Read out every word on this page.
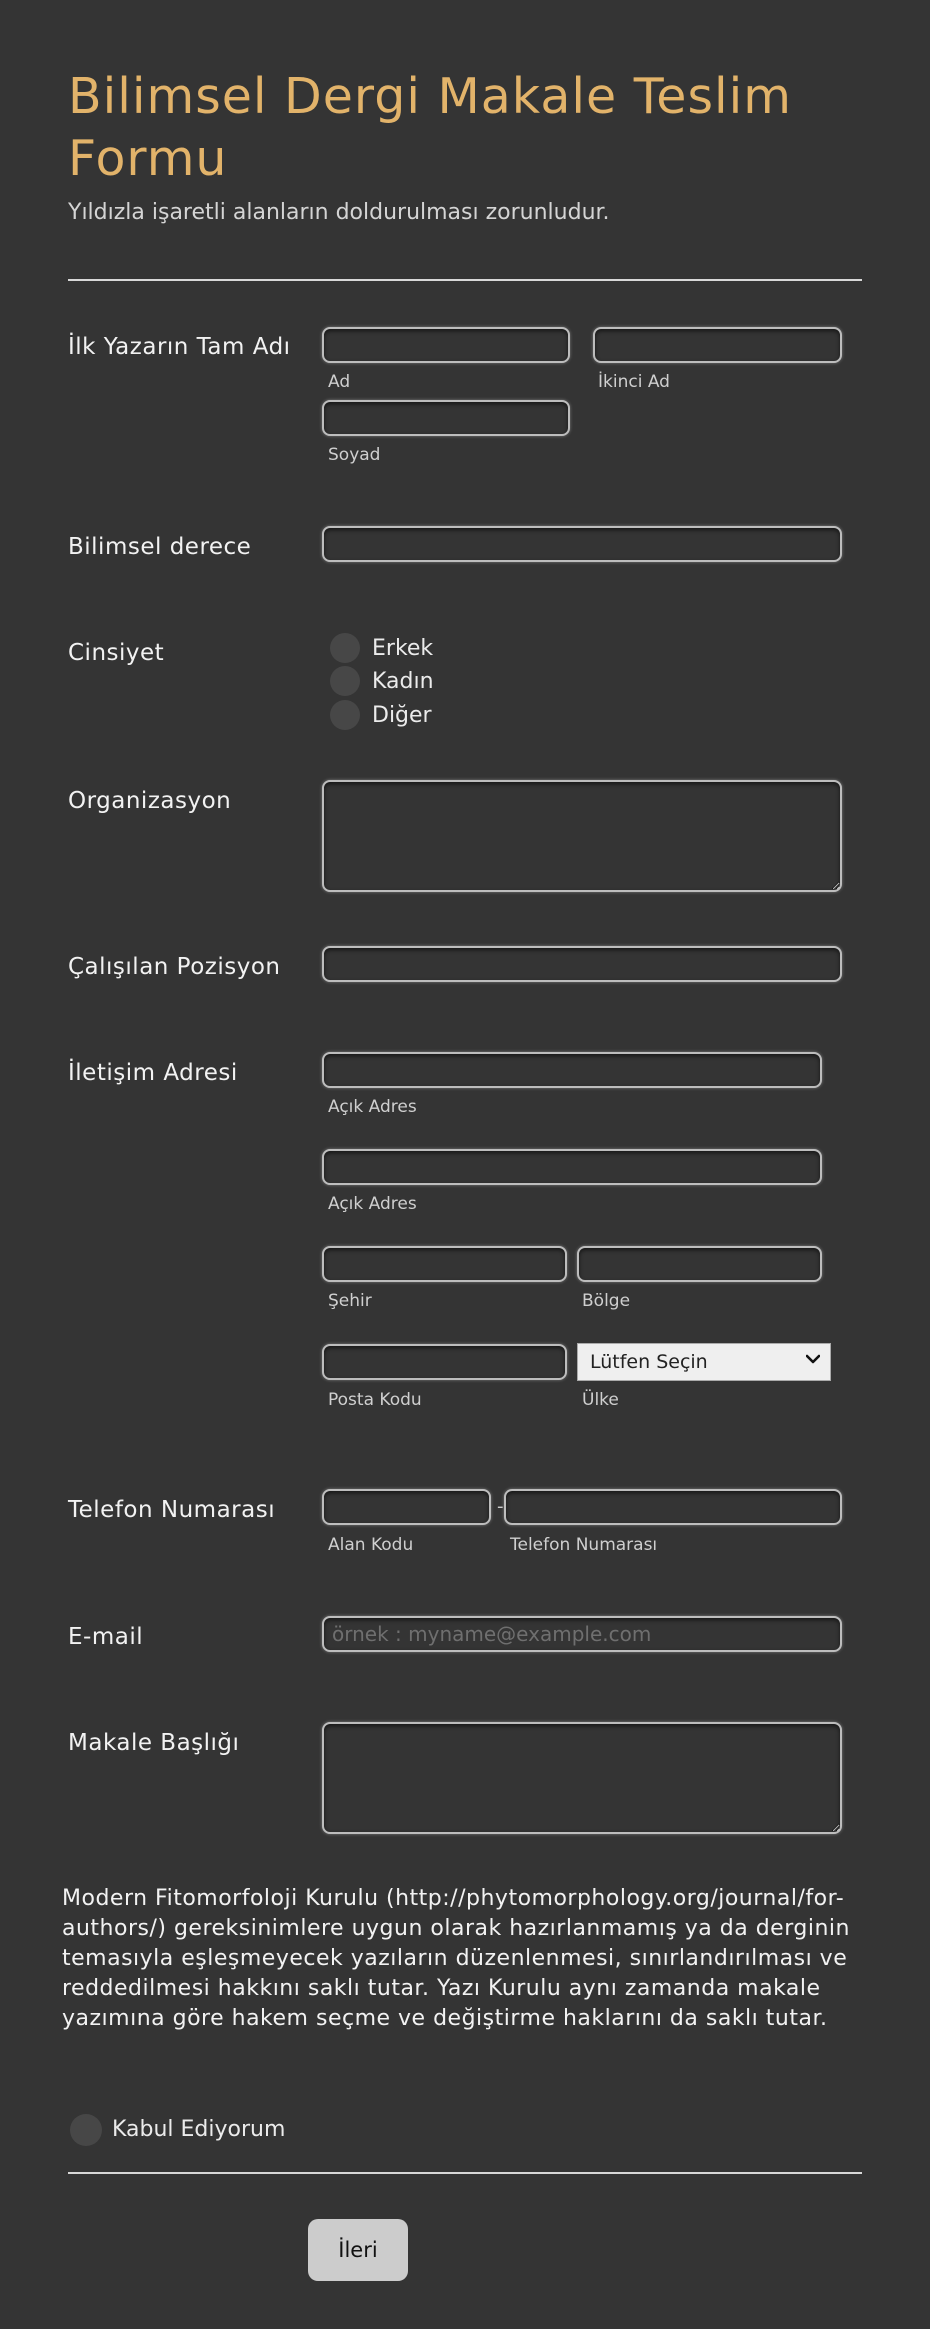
Bilimsel Dergi Makale Teslim Formu
Yıldızla işaretli alanların doldurulması zorunludur.
İlk Yazarın Tam Adı
Ad	İkinci Ad
Soyad
Bilimsel derece
Cinsiyet	Erkek
Kadın
Diğer
Organizasyon
Çalışılan Pozisyon
İletişim Adresi
Açık Adres
Açık Adres
Şehir	Bölge
Posta Kodu
Lütfen Seçin
Ülke
Telefon Numarası	-
Alan Kodu	Telefon Numarası
E-mail
örnek : myname@example.com
Makale Başlığı
Modern Fitomorfoloji Kurulu (http://phytomorphology.org/journal/for-authors/) gereksinimlere uygun olarak hazırlanmamış ya da derginin temasıyla eşleşmeyecek yazıların düzenlenmesi, sınırlandırılması ve reddedilmesi hakkını saklı tutar. Yazı Kurulu aynı zamanda makale yazımına göre hakem seçme ve değiştirme haklarını da saklı tutar.
Kabul Ediyorum
İleri
